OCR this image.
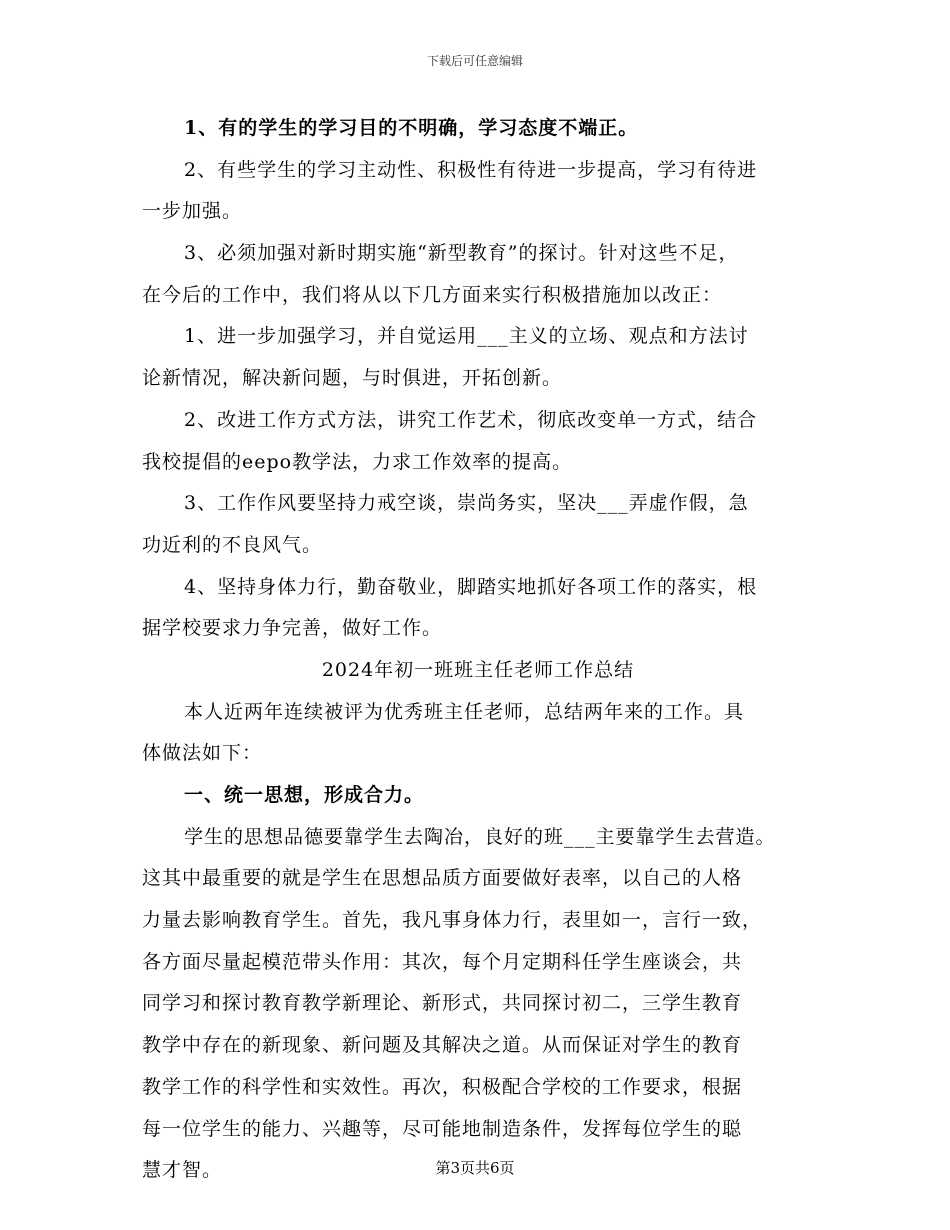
下载后可任意编辑
1、有的学生的学习目的不明确，学习态度不端正。
2、有些学生的学习主动性、积极性有待进一步提高，学习有待进
一步加强。
3、必须加强对新时期实施“新型教育”的探讨。针对这些不足，
在今后的工作中，我们将从以下几方面来实行积极措施加以改正：
1、进一步加强学习，并自觉运用___主义的立场、观点和方法讨
论新情况，解决新问题，与时俱进，开拓创新。
2、改进工作方式方法，讲究工作艺术，彻底改变单一方式，结合
我校提倡的eepo教学法，力求工作效率的提高。
3、工作作风要坚持力戒空谈，崇尚务实，坚决___弄虚作假，急
功近利的不良风气。
4、坚持身体力行，勤奋敬业，脚踏实地抓好各项工作的落实，根
据学校要求力争完善，做好工作。
2024年初一班班主任老师工作总结
本人近两年连续被评为优秀班主任老师，总结两年来的工作。具
体做法如下：
一、统一思想，形成合力。
学生的思想品德要靠学生去陶冶，良好的班___主要靠学生去营造。
这其中最重要的就是学生在思想品质方面要做好表率，以自己的人格
力量去影响教育学生。首先，我凡事身体力行，表里如一，言行一致，
各方面尽量起模范带头作用：其次，每个月定期科任学生座谈会，共
同学习和探讨教育教学新理论、新形式，共同探讨初二，三学生教育
教学中存在的新现象、新问题及其解决之道。从而保证对学生的教育
教学工作的科学性和实效性。再次，积极配合学校的工作要求，根据
每一位学生的能力、兴趣等，尽可能地制造条件，发挥每位学生的聪
慧才智。	第3页共6页
